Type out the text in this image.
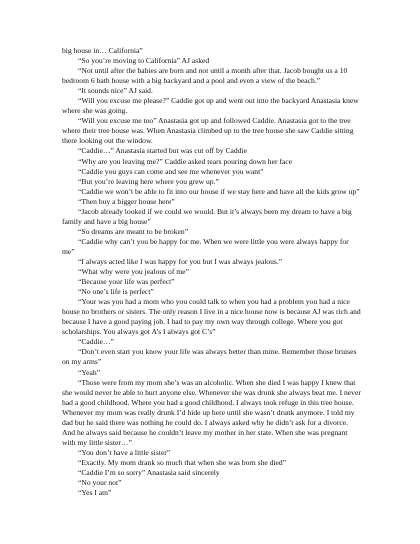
big house in… California”

“So you’re moving to California” AJ asked

“Not until after the babies are born and not until a month after that. Jacob bought us a 10 bedroom 6 bath house with a big backyard and a pool and even a view of the beach.”

“It sounds nice” AJ said.

“Will you excuse me please?” Caddie got up and went out into the backyard Anastasia knew where she was going.

“Will you excuse me too” Anastasia got up and followed Caddie. Anastasia got to the tree where their tree house was. When Anastasia climbed up to the tree house she saw Caddie sitting there looking out the window.

“Caddie…” Anastasia started but was cut off by Caddie

“Why are you leaving me?” Caddie asked tears pouring down her face

“Caddie you guys can come and see me whenever you want”

“But you’re leaving here where you grew up.”

“Caddie we won’t be able to fit into our house if we stay here and have all the kids grow up”

“Then buy a bigger house here”

“Jacob already looked if we could we would. But it’s always been my dream to have a big family and have a big house”

“So dreams are meant to be broken”

“Caddie why can’t you be happy for me. When we were little you were always happy for me”

“I always acted like I was happy for you but I was always jealous.”

“What why were you jealous of me”

“Because your life was perfect”

“No one’s life is perfect”

“Your was you had a mom who you could talk to when you had a problem you had a nice house no brothers or sisters. The only reason I live in a nice house now is because AJ was rich and because I have a good paying job. I had to pay my own way through college. Where you got scholarships. You always got A’s I always got C’s”

“Caddie…”

“Don’t even start you know your life was always better than mine. Remember those bruises on my arms”

“Yeah”

“Those were from my mom she’s was an alcoholic. When she died I was happy I knew that she would never be able to hurt anyone else. Whenever she was drunk she always beat me. I never had a good childhood. Where you had a good childhood. I always took refuge in this tree house. Whenever my mom was really drunk I’d hide up here until she wasn’t drunk anymore. I told my dad but he said there was nothing he could do. I always asked why he didn’t ask for a divorce. And he always said because he couldn’t leave my mother in her state. When she was pregnant with my little sister…”

“You don’t have a little sister”

“Exactly. My mom drank so much that when she was born she died”

“Caddie I’m so sorry” Anastasia said sincerely

“No your not”

“Yes I am”
